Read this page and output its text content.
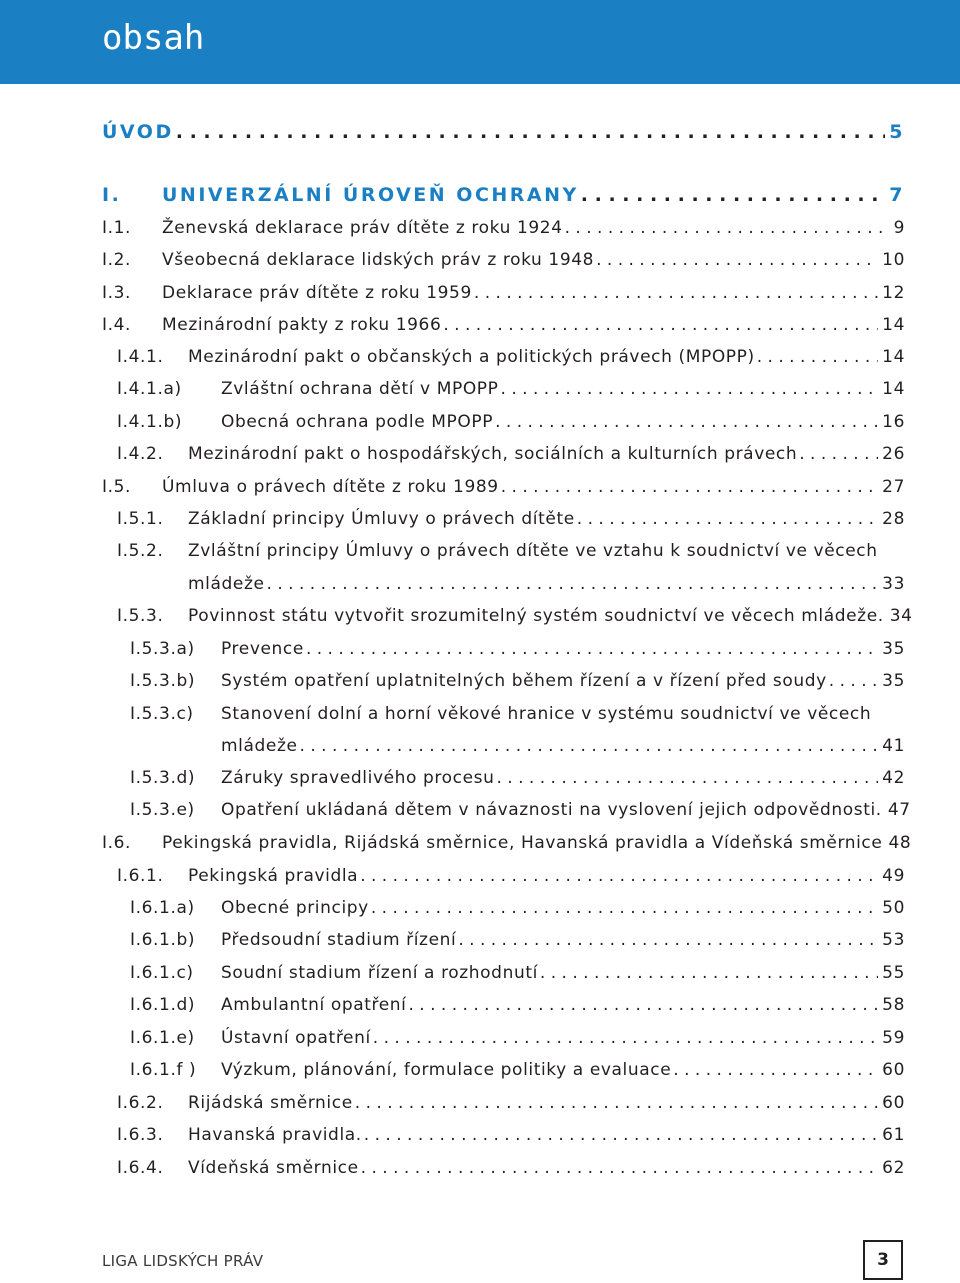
obsah
ÚVOD . . .	5
I.	UNIVERZÁLNÍ ÚROVEŇ OCHRANY . . .	7
I.1.	Ženevská deklarace práv dítěte z roku 1924 . . .	9
I.2.	Všeobecná deklarace lidských práv z roku 1948 . . .	10
I.3.	Deklarace práv dítěte z roku 1959 . . .	12
I.4.	Mezinárodní pakty z roku 1966 . . .	14
I.4.1.	Mezinárodní pakt o občanských a politických právech (MPOPP) . . .	14
I.4.1.a)	Zvláštní ochrana dětí v MPOPP . . .	14
I.4.1.b)	Obecná ochrana podle MPOPP . . .	16
I.4.2.	Mezinárodní pakt o hospodářských, sociálních a kulturních právech . . .	26
I.5.	Úmluva o právech dítěte z roku 1989 . . .	27
I.5.1.	Základní principy Úmluvy o právech dítěte . . .	28
I.5.2. Zvláštní principy Úmluvy o právech dítěte ve vztahu k soudnictví ve věcech
mládeže . . .	33
I.5.3.	Povinnost státu vytvořit srozumitelný systém soudnictví ve věcech mládeže. 34
I.5.3.a)	Prevence . . .	35
I.5.3.b)	Systém opatření uplatnitelných během řízení a v řízení před soudy . . .	35
I.5.3.c) Stanovení dolní a horní věkové hranice v systému soudnictví ve věcech
mládeže . . .	41
I.5.3.d)	Záruky spravedlivého procesu . . .	42
I.5.3.e)	Opatření ukládaná dětem v návaznosti na vyslovení jejich odpovědnosti. 47
I.6.	Pekingská pravidla, Rijádská směrnice, Havanská pravidla a Vídeňská směrnice 48
I.6.1.	Pekingská pravidla . . .	49
I.6.1.a)	Obecné principy . . .	50
I.6.1.b)	Předsoudní stadium řízení . . .	53
I.6.1.c)	Soudní stadium řízení a rozhodnutí . . .	55
I.6.1.d)	Ambulantní opatření . . .	58
I.6.1.e)	Ústavní opatření . . .	59
I.6.1.f )	Výzkum, plánování, formulace politiky a evaluace . . .	60
I.6.2.	Rijádská směrnice . . .	60
I.6.3.	Havanská pravidla. . . .	61
I.6.4.	Vídeňská směrnice . . .	62
LIGA LIDSKÝCH PRÁV	3
